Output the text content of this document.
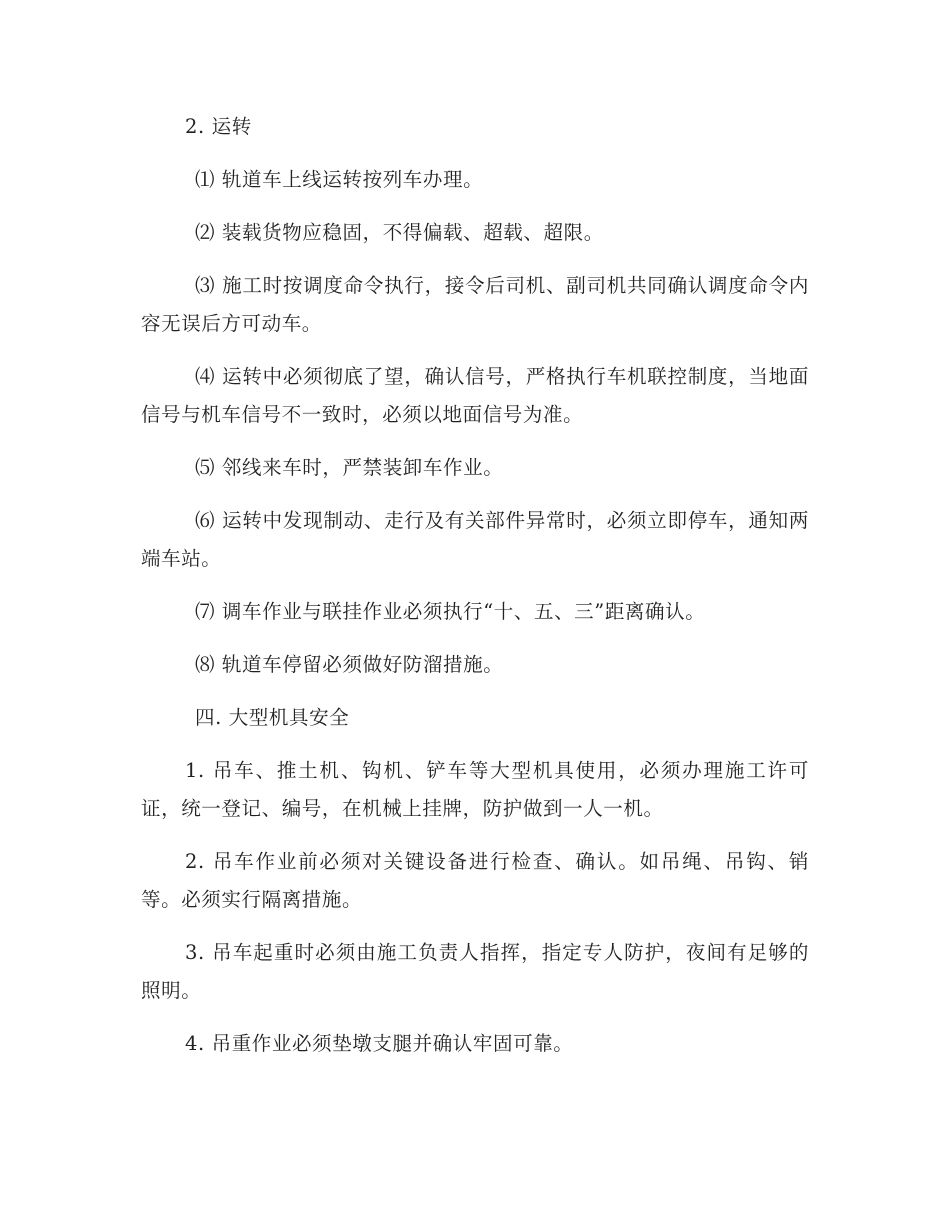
2. 运转

⑴ 轨道车上线运转按列车办理。

⑵ 装载货物应稳固，不得偏载、超载、超限。

⑶ 施工时按调度命令执行，接令后司机、副司机共同确认调度命令内容无误后方可动车。

⑷ 运转中必须彻底了望，确认信号，严格执行车机联控制度，当地面信号与机车信号不一致时，必须以地面信号为准。

⑸ 邻线来车时，严禁装卸车作业。

⑹ 运转中发现制动、走行及有关部件异常时，必须立即停车，通知两端车站。

⑺ 调车作业与联挂作业必须执行“十、五、三”距离确认。

⑻ 轨道车停留必须做好防溜措施。

四. 大型机具安全

1. 吊车、推土机、钩机、铲车等大型机具使用，必须办理施工许可证，统一登记、编号，在机械上挂牌，防护做到一人一机。

2. 吊车作业前必须对关键设备进行检查、确认。如吊绳、吊钩、销等。必须实行隔离措施。

3. 吊车起重时必须由施工负责人指挥，指定专人防护，夜间有足够的照明。

4. 吊重作业必须垫墩支腿并确认牢固可靠。
